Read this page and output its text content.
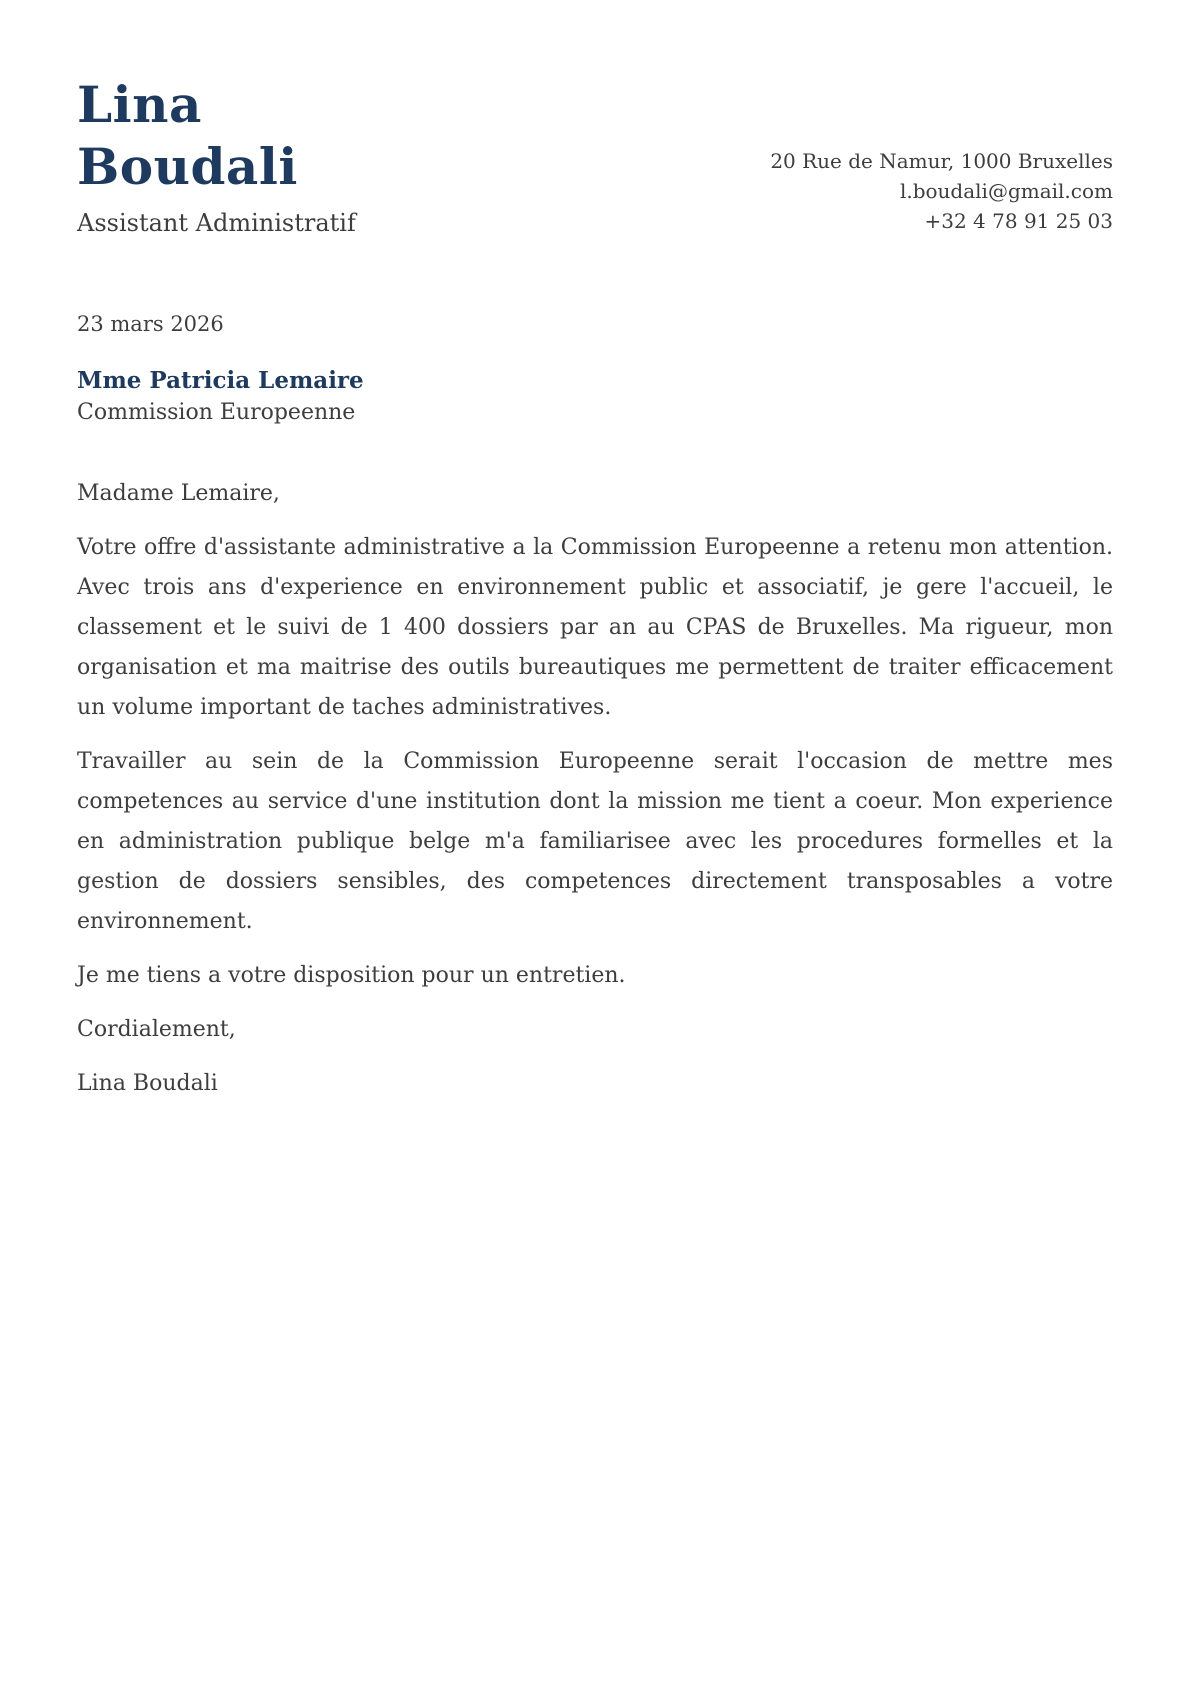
Lina
Boudali
Assistant Administratif
20 Rue de Namur, 1000 Bruxelles
l.boudali@gmail.com
+32 4 78 91 25 03
23 mars 2026
Mme Patricia Lemaire
Commission Europeenne

Madame Lemaire,

Votre offre d'assistante administrative a la Commission Europeenne a retenu mon attention. Avec trois ans d'experience en environnement public et associatif, je gere l'accueil, le classement et le suivi de 1 400 dossiers par an au CPAS de Bruxelles. Ma rigueur, mon organisation et ma maitrise des outils bureautiques me permettent de traiter efficacement un volume important de taches administratives.

Travailler au sein de la Commission Europeenne serait l'occasion de mettre mes competences au service d'une institution dont la mission me tient a coeur. Mon experience en administration publique belge m'a familiarisee avec les procedures formelles et la gestion de dossiers sensibles, des competences directement transposables a votre environnement.

Je me tiens a votre disposition pour un entretien.

Cordialement,

Lina Boudali
